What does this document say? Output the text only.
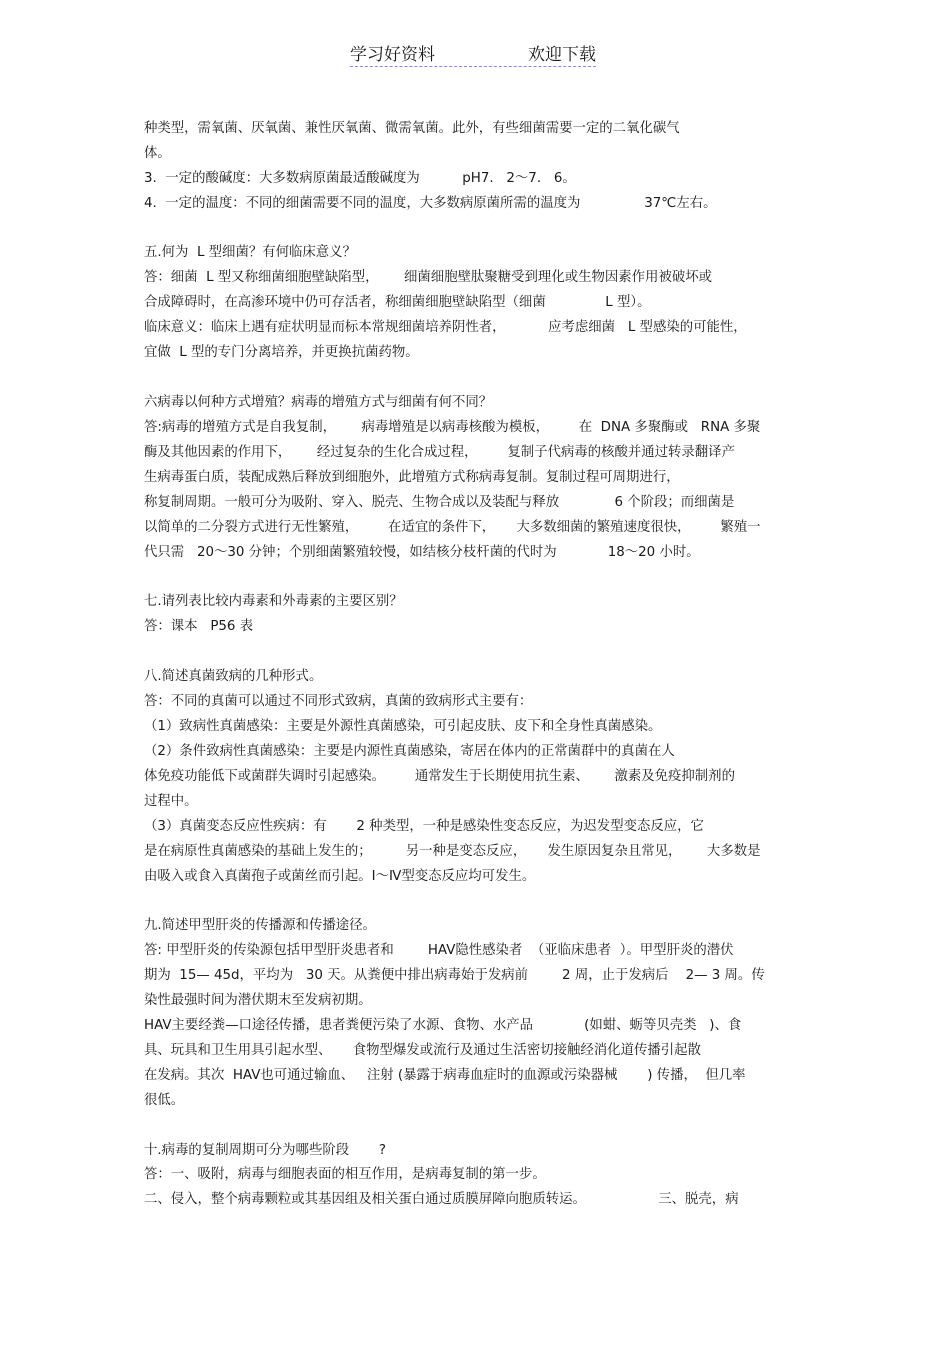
学习好资料	欢迎下载
种类型，需氧菌、厌氧菌、兼性厌氧菌、微需氧菌。此外，有些细菌需要一定的二氧化碳气
体。
3.  一定的酸碱度：大多数病原菌最适酸碱度为          pH7.   2～7.   6。
4.  一定的温度：不同的细菌需要不同的温度，大多数病原菌所需的温度为               37℃左右。
五.何为  L 型细菌？有何临床意义？
答：细菌  L 型又称细菌细胞壁缺陷型，      细菌细胞壁肽聚糖受到理化或生物因素作用被破坏或
合成障碍时，在高渗环境中仍可存活者，称细菌细胞壁缺陷型（细菌              L 型）。
临床意义：临床上遇有症状明显而标本常规细菌培养阴性者，          应考虑细菌   L 型感染的可能性，
宜做  L 型的专门分离培养，并更换抗菌药物。
六病毒以何种方式增殖？病毒的增殖方式与细菌有何不同？
答:病毒的增殖方式是自我复制，      病毒增殖是以病毒核酸为模板，       在  DNA 多聚酶或   RNA 多聚
酶及其他因素的作用下，      经过复杂的生化合成过程，       复制子代病毒的核酸并通过转录翻译产
生病毒蛋白质，装配成熟后释放到细胞外，此增殖方式称病毒复制。复制过程可周期进行，
称复制周期。一般可分为吸附、穿入、脱壳、生物合成以及装配与释放             6 个阶段；而细菌是
以简单的二分裂方式进行无性繁殖，       在适宜的条件下，     大多数细菌的繁殖速度很快，       繁殖一
代只需   20～30 分钟；个别细菌繁殖较慢，如结核分枝杆菌的代时为            18～20 小时。
七.请列表比较内毒素和外毒素的主要区别？
答：课本   P56 表
八.简述真菌致病的几种形式。
答：不同的真菌可以通过不同形式致病，真菌的致病形式主要有：
（1）致病性真菌感染：主要是外源性真菌感染，可引起皮肤、皮下和全身性真菌感染。
（2）条件致病性真菌感染：主要是内源性真菌感染，寄居在体内的正常菌群中的真菌在人
体免疫功能低下或菌群失调时引起感染。       通常发生于长期使用抗生素、      激素及免疫抑制剂的
过程中。
（3）真菌变态反应性疾病：有       2 种类型，一种是感染性变态反应，为迟发型变态反应，它
是在病原性真菌感染的基础上发生的；        另一种是变态反应，     发生原因复杂且常见，      大多数是
由吸入或食入真菌孢子或菌丝而引起。Ⅰ～Ⅳ型变态反应均可发生。
九.简述甲型肝炎的传播源和传播途径。
答: 甲型肝炎的传染源包括甲型肝炎患者和        HAV隐性感染者  （亚临床患者  ）。甲型肝炎的潜伏
期为  15— 45d，平均为   30 天。从粪便中排出病毒始于发病前        2 周，止于发病后    2— 3 周。传
染性最强时间为潜伏期末至发病初期。
HAV主要经粪—口途径传播，患者粪便污染了水源、食物、水产品            (如蚶、蛎等贝壳类   )、食
具、玩具和卫生用具引起水型、     食物型爆发或流行及通过生活密切接触经消化道传播引起散
在发病。其次  HAV也可通过输血、   注射 (暴露于病毒血症时的血源或污染器械       ) 传播，  但几率
很低。
十.病毒的复制周期可分为哪些阶段       ?
答：一、吸附，病毒与细胞表面的相互作用，是病毒复制的第一步。
二、侵入，整个病毒颗粒或其基因组及相关蛋白通过质膜屏障向胞质转运。                 三、脱壳，病
